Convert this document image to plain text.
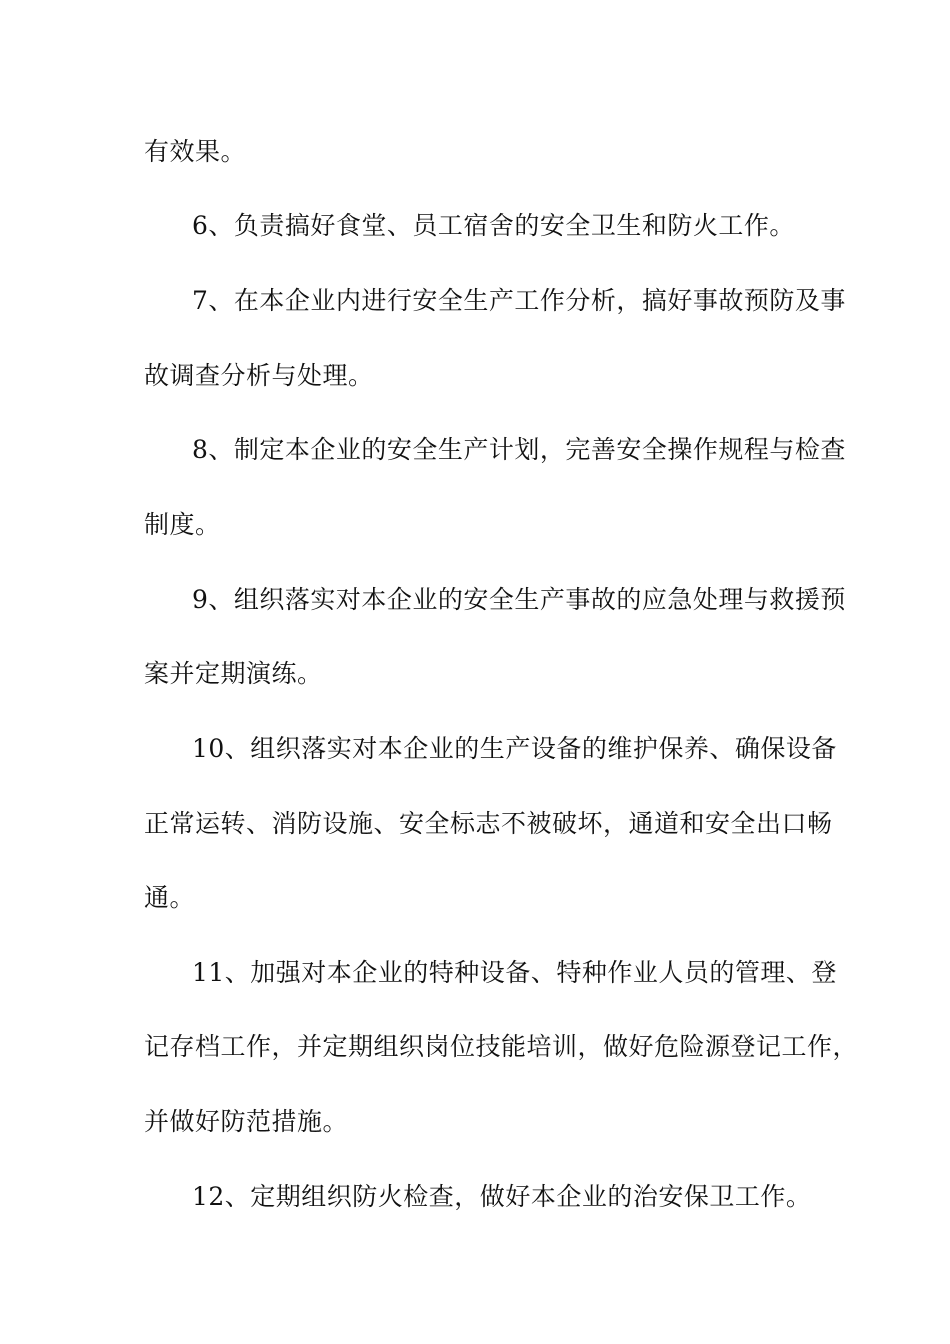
有效果。
6、负责搞好食堂、员工宿舍的安全卫生和防火工作。
7、在本企业内进行安全生产工作分析，搞好事故预防及事
故调查分析与处理。
8、制定本企业的安全生产计划，完善安全操作规程与检查
制度。
9、组织落实对本企业的安全生产事故的应急处理与救援预
案并定期演练。
10、组织落实对本企业的生产设备的维护保养、确保设备
正常运转、消防设施、安全标志不被破坏，通道和安全出口畅
通。
11、加强对本企业的特种设备、特种作业人员的管理、登
记存档工作，并定期组织岗位技能培训，做好危险源登记工作，
并做好防范措施。
12、定期组织防火检查，做好本企业的治安保卫工作。
